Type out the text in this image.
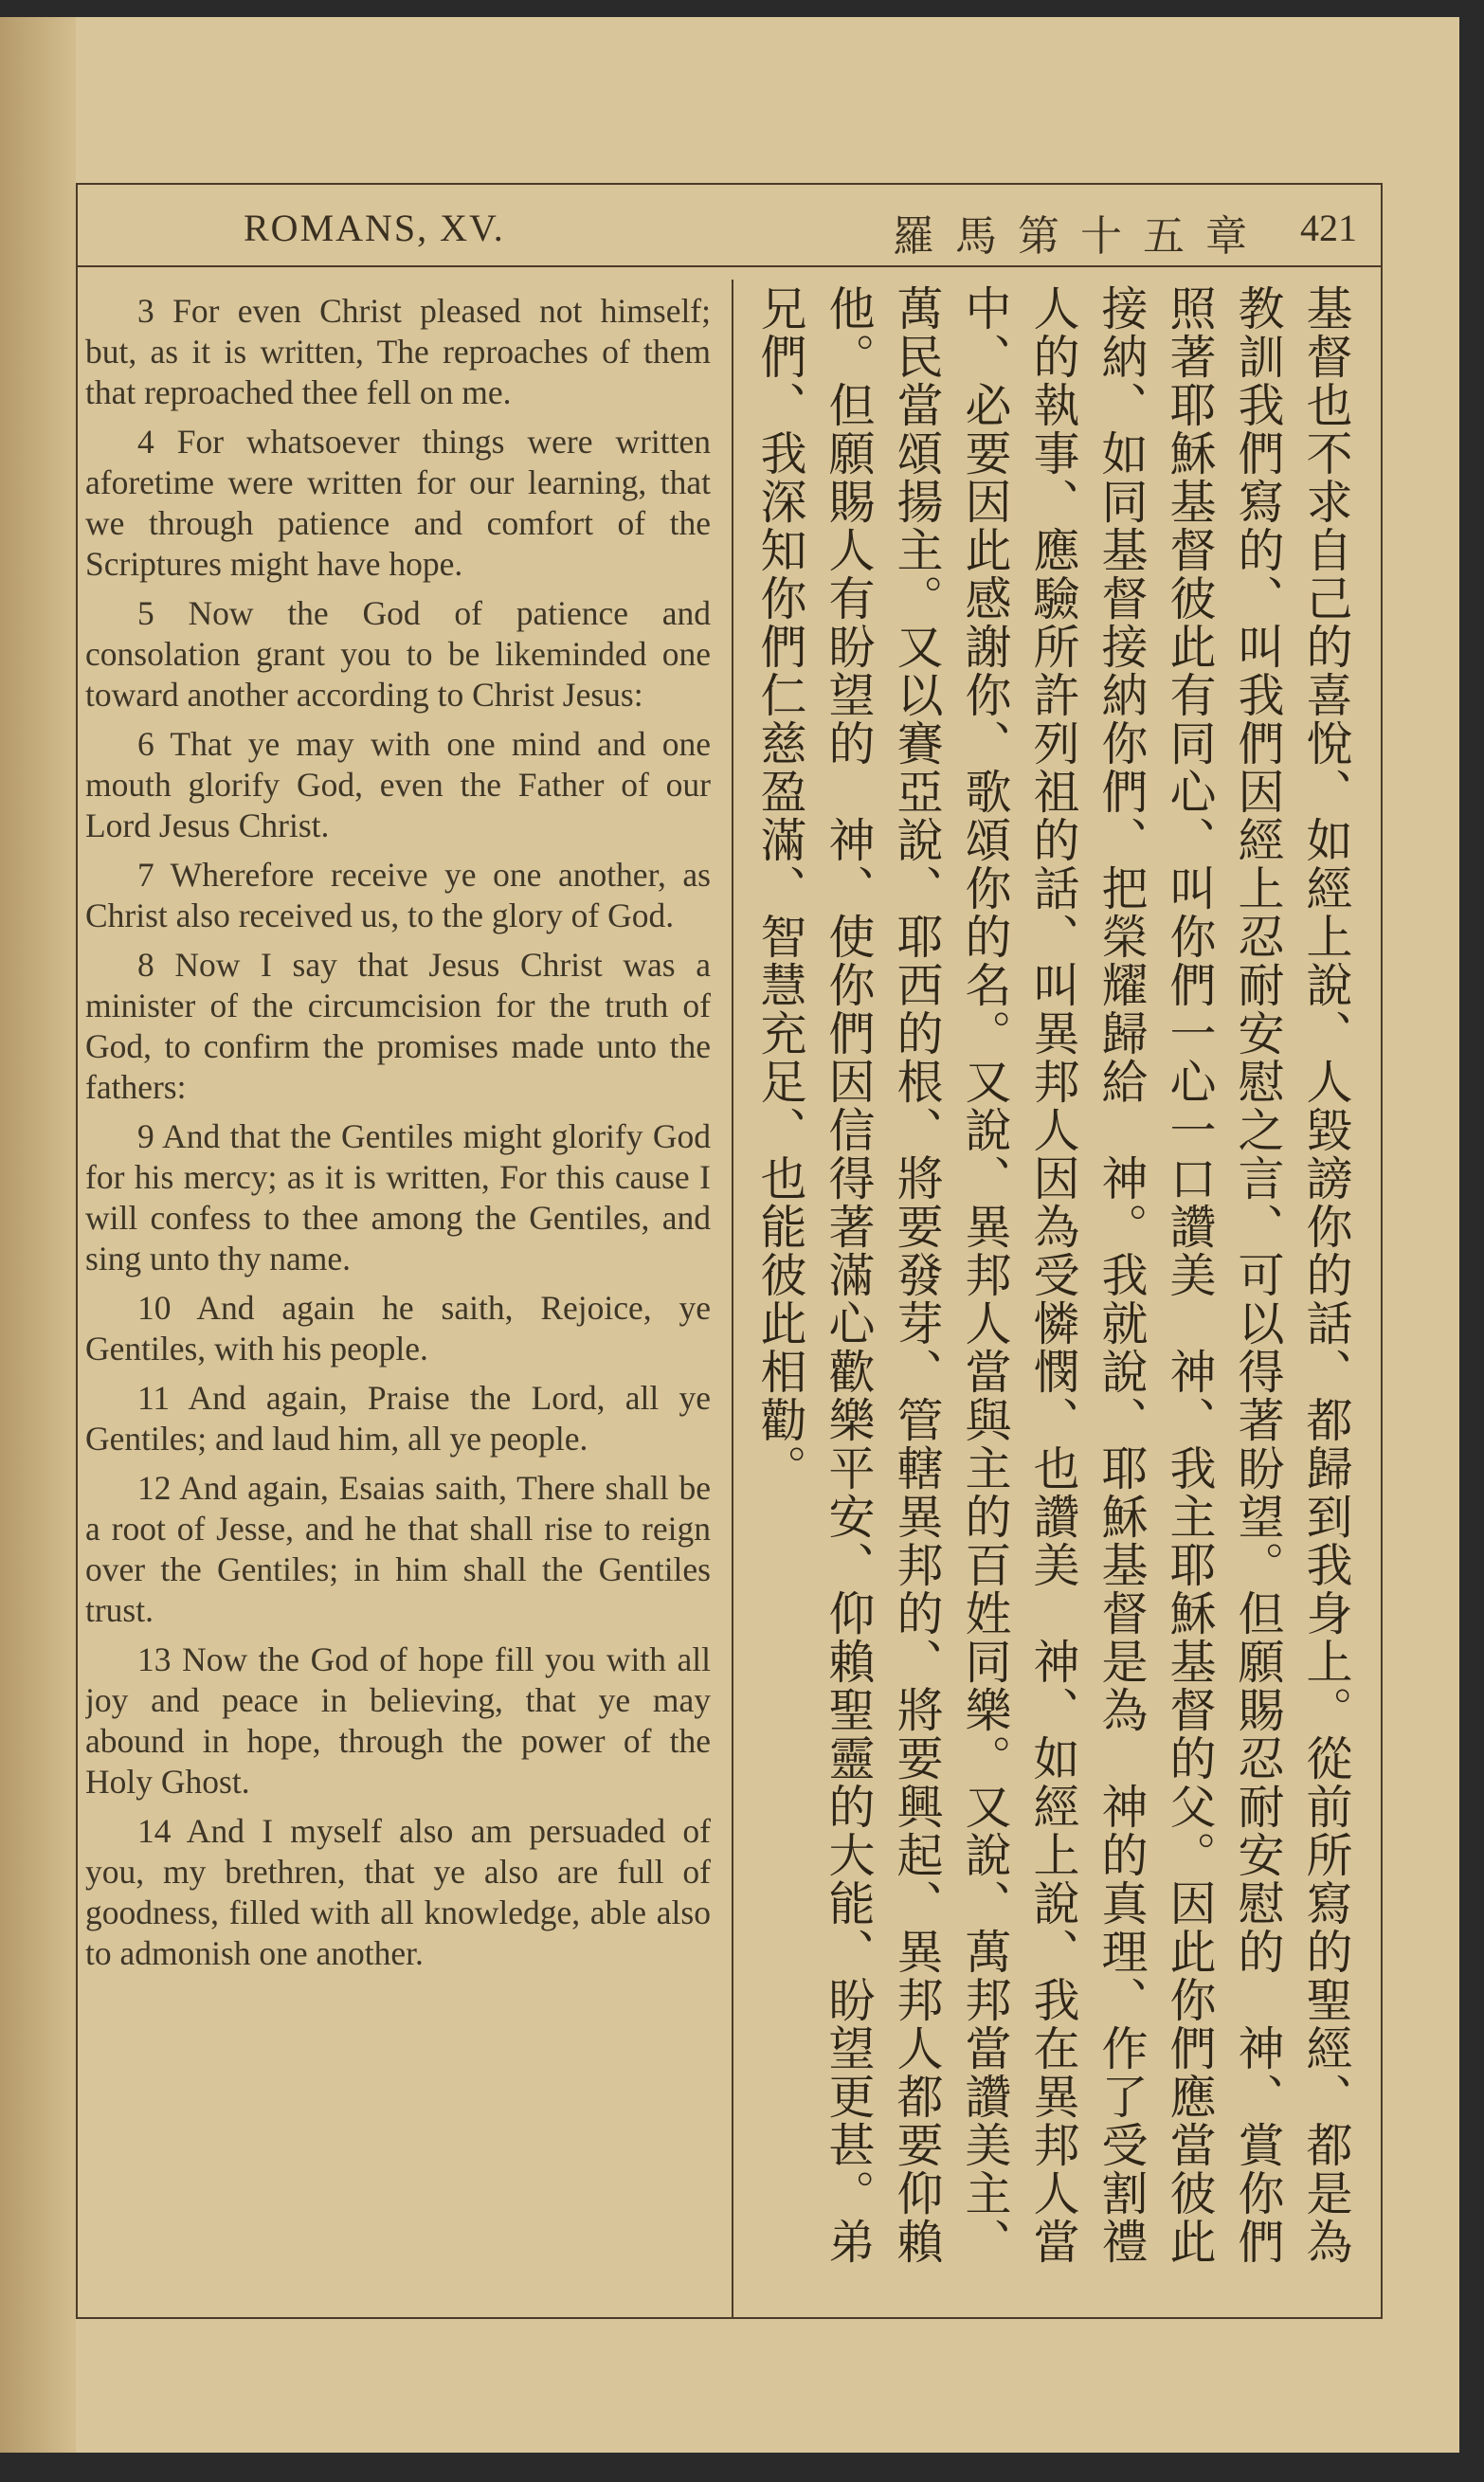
ROMANS, XV.	羅馬第十五章 421

3 For even Christ pleased not himself; but, as it is written, The reproaches of them that reproached thee fell on me.

4 For whatsoever things were written aforetime were written for our learning, that we through patience and comfort of the Scriptures might have hope.

5 Now the God of patience and consolation grant you to be likeminded one toward another according to Christ Jesus:

6 That ye may with one mind and one mouth glorify God, even the Father of our Lord Jesus Christ.

7 Wherefore receive ye one another, as Christ also received us, to the glory of God.

8 Now I say that Jesus Christ was a minister of the circumcision for the truth of God, to confirm the promises made unto the fathers:

9 And that the Gentiles might glorify God for his mercy; as it is written, For this cause I will confess to thee among the Gentiles, and sing unto thy name.

10 And again he saith, Rejoice, ye Gentiles, with his people.

11 And again, Praise the Lord, all ye Gentiles; and laud him, all ye people.

12 And again, Esaias saith, There shall be a root of Jesse, and he that shall rise to reign over the Gentiles; in him shall the Gentiles trust.

13 Now the God of hope fill you with all joy and peace in believing, that ye may abound in hope, through the power of the Holy Ghost.

14 And I myself also am persuaded of you, my brethren, that ye also are full of goodness, filled with all knowledge, able also to admonish one another.	基督也不求自己的喜悅、如經上說、人毀謗你的話、都歸到我身上。從前所寫的聖經、都是為教訓我們寫的、叫我們因經上忍耐安慰之言、可以得著盼望。但願賜忍耐安慰的　神、賞你們照著耶穌基督彼此有同心、叫你們一心一口讚美　神、我主耶穌基督的父。因此你們應當彼此接納、如同基督接納你們、把榮耀歸給　神。我就說、耶穌基督是為　神的真理、作了受割禮人的執事、應驗所許列祖的話、叫異邦人因為受憐憫、也讚美　神、如經上說、我在異邦人當中、必要因此感謝你、歌頌你的名。又說、異邦人當與主的百姓同樂。又說、萬邦當讚美主、萬民當頌揚主。又以賽亞說、耶西的根、將要發芽、管轄異邦的、將要興起、異邦人都要仰賴他。但願賜人有盼望的　神、使你們因信得著滿心歡樂平安、仰賴聖靈的大能、盼望更甚。弟兄們、我深知你們仁慈盈滿、智慧充足、也能彼此相勸。
